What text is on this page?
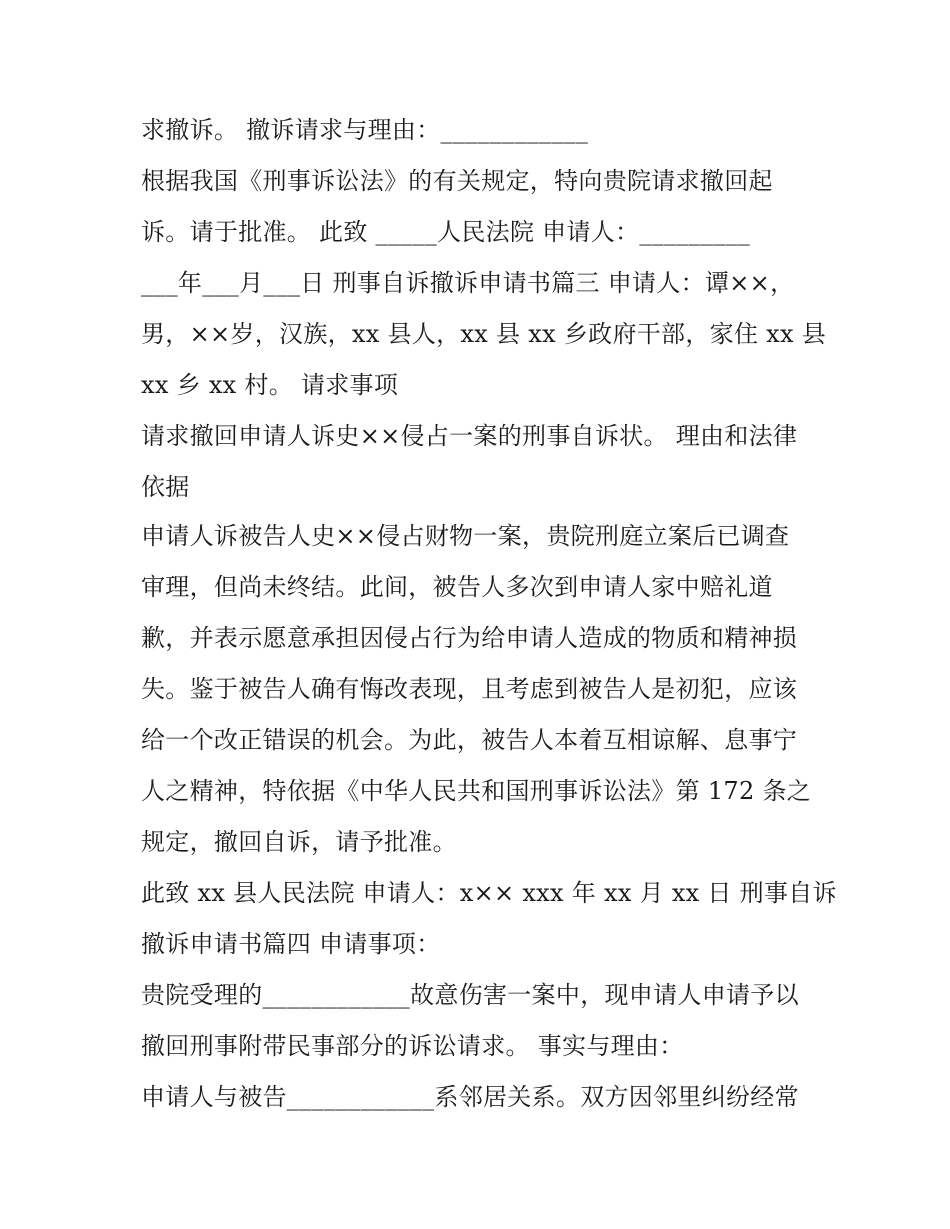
求撤诉。 撤诉请求与理由：____________
根据我国《刑事诉讼法》的有关规定，特向贵院请求撤回起
诉。请于批准。 此致 _____人民法院 申请人：_________
___年___月___日 刑事自诉撤诉申请书篇三 申请人：谭××，
男，××岁，汉族，xx 县人，xx 县 xx 乡政府干部，家住 xx 县
xx 乡 xx 村。 请求事项
请求撤回申请人诉史××侵占一案的刑事自诉状。 理由和法律
依据
申请人诉被告人史××侵占财物一案，贵院刑庭立案后已调查
审理，但尚未终结。此间，被告人多次到申请人家中赔礼道
歉，并表示愿意承担因侵占行为给申请人造成的物质和精神损
失。鉴于被告人确有悔改表现，且考虑到被告人是初犯，应该
给一个改正错误的机会。为此，被告人本着互相谅解、息事宁
人之精神，特依据《中华人民共和国刑事诉讼法》第 172 条之
规定，撤回自诉，请予批准。
此致 xx 县人民法院 申请人：x×× xxx 年 xx 月 xx 日 刑事自诉
撤诉申请书篇四 申请事项：
贵院受理的____________故意伤害一案中，现申请人申请予以
撤回刑事附带民事部分的诉讼请求。 事实与理由：
申请人与被告____________系邻居关系。双方因邻里纠纷经常
